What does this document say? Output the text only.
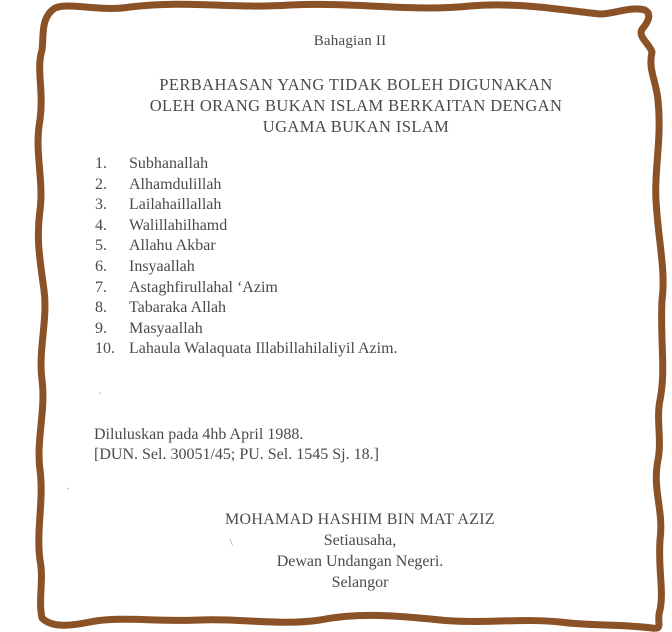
Bahagian II
PERBAHASAN YANG TIDAK BOLEH DIGUNAKAN
OLEH ORANG BUKAN ISLAM BERKAITAN DENGAN
UGAMA BUKAN ISLAM
1.	Subhanallah
2.	Alhamdulillah
3.	Lailahaillallah
4.	Walillahilhamd
5.	Allahu Akbar
6.	Insyaallah
7.	Astaghfirullahal ‘Azim
8.	Tabaraka Allah
9.	Masyaallah
10. Lahaula Walaquata Illabillahilaliyil Azim.
Diluluskan pada 4hb April 1988.
[DUN. Sel. 30051/45; PU. Sel. 1545 Sj. 18.]
MOHAMAD HASHIM BIN MAT AZIZ
Setiausaha,
Dewan Undangan Negeri.
Selangor
`
\
·
